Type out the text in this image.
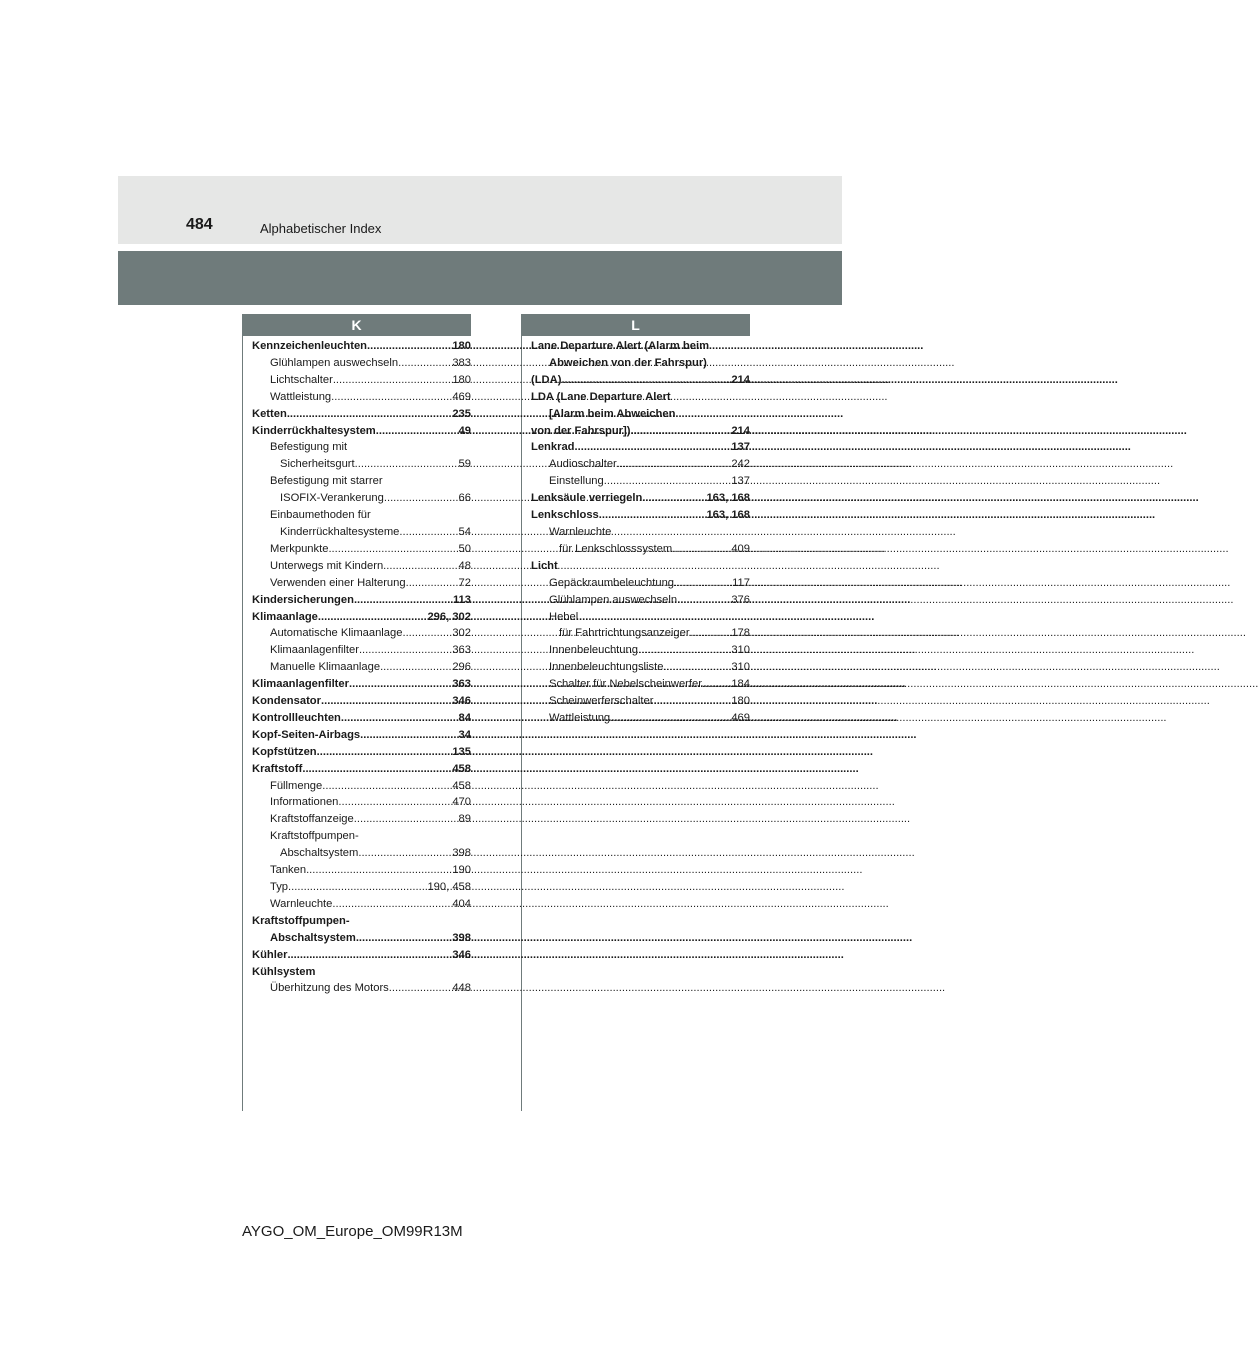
484	Alphabetischer Index
K	L
Kennzeichenleuchten .....	180
Glühlampen auswechseln .....	383
Lichtschalter .....	180
Wattleistung .....	469
Ketten .....	235
Kinderrückhaltesystem .....	49
Befestigung mit
Sicherheitsgurt .....	59
Befestigung mit starrer
ISOFIX-Verankerung .....	66
Einbaumethoden für
Kinderrückhaltesysteme .....	54
Merkpunkte .....	50
Unterwegs mit Kindern .....	48
Verwenden einer Halterung .....	72
Kindersicherungen .....	113
Klimaanlage .....	296, 302
Automatische Klimaanlage .....	302
Klimaanlagenfilter .....	363
Manuelle Klimaanlage .....	296
Klimaanlagenfilter .....	363
Kondensator .....	346
Kontrollleuchten .....	84
Kopf-Seiten-Airbags .....	34
Kopfstützen .....	135
Kraftstoff .....	458
Füllmenge .....	458
Informationen .....	470
Kraftstoffanzeige .....	89
Kraftstoffpumpen-
Abschaltsystem .....	398
Tanken .....	190
Typ .....	190, 458
Warnleuchte .....	404
Kraftstoffpumpen-
Abschaltsystem .....	398
Kühler .....	346
Kühlsystem
Überhitzung des Motors .....	448
Lane Departure Alert (Alarm beim
Abweichen von der Fahrspur)
(LDA) .....	214
LDA (Lane Departure Alert
[Alarm beim Abweichen
von der Fahrspur]) .....	214
Lenkrad .....	137
Audioschalter .....	242
Einstellung .....	137
Lenksäule verriegeln .....	163, 168
Lenkschloss .....	163, 168
Warnleuchte
für Lenkschlosssystem .....	409
Licht
Gepäckraumbeleuchtung .....	117
Glühlampen auswechseln .....	376
Hebel
für Fahrtrichtungsanzeiger .....	178
Innenbeleuchtung .....	310
Innenbeleuchtungsliste .....	310
Schalter für Nebelscheinwerfer .....	184
Scheinwerferschalter .....	180
Wattleistung .....	469
AYGO_OM_Europe_OM99R13M
